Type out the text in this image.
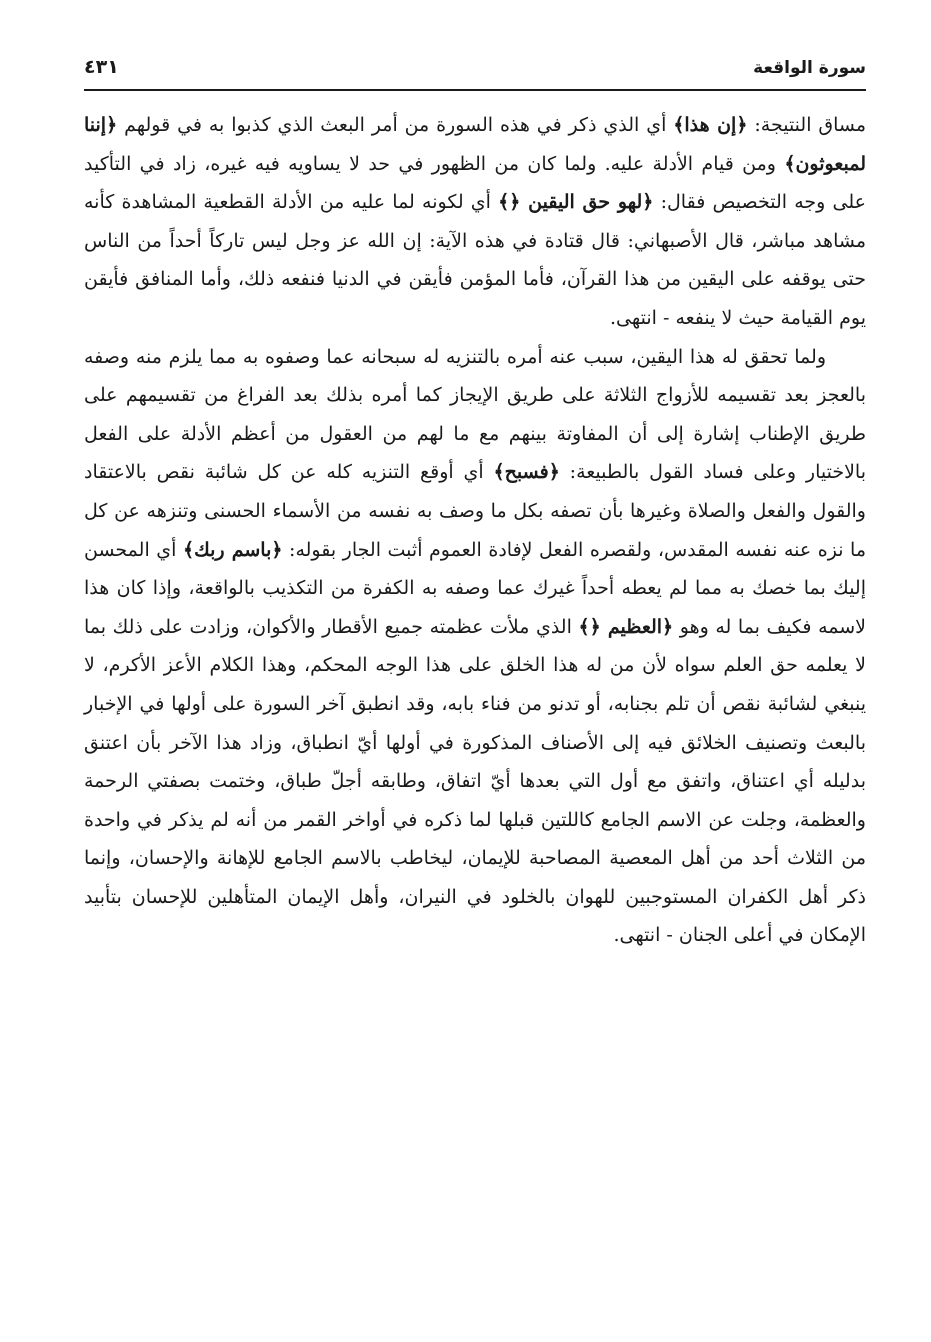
سورة الواقعة
٤٣١

مساق النتيجة: ﴿إن هذا﴾ أي الذي ذكر في هذه السورة من أمر البعث الذي كذبوا به في قولهم ﴿إننا لمبعوثون﴾ ومن قيام الأدلة عليه. ولما كان من الظهور في حد لا يساويه فيه غيره، زاد في التأكيد على وجه التخصيص فقال: ﴿لهو حق اليقين ﴿﴾ أي لكونه لما عليه من الأدلة القطعية المشاهدة كأنه مشاهد مباشر، قال الأصبهاني: قال قتادة في هذه الآية: إن الله عز وجل ليس تاركاً أحداً من الناس حتى يوقفه على اليقين من هذا القرآن، فأما المؤمن فأيقن في الدنيا فنفعه ذلك، وأما المنافق فأيقن يوم القيامة حيث لا ينفعه - انتهى.

ولما تحقق له هذا اليقين، سبب عنه أمره بالتنزيه له سبحانه عما وصفوه به مما يلزم منه وصفه بالعجز بعد تقسيمه للأزواج الثلاثة على طريق الإيجاز كما أمره بذلك بعد الفراغ من تقسيمهم على طريق الإطناب إشارة إلى أن المفاوتة بينهم مع ما لهم من العقول من أعظم الأدلة على الفعل بالاختيار وعلى فساد القول بالطبيعة: ﴿فسبح﴾ أي أوقع التنزيه كله عن كل شائبة نقص بالاعتقاد والقول والفعل والصلاة وغيرها بأن تصفه بكل ما وصف به نفسه من الأسماء الحسنى وتنزهه عن كل ما نزه عنه نفسه المقدس، ولقصره الفعل لإفادة العموم أثبت الجار بقوله: ﴿باسم ربك﴾ أي المحسن إليك بما خصك به مما لم يعطه أحداً غيرك عما وصفه به الكفرة من التكذيب بالواقعة، وإذا كان هذا لاسمه فكيف بما له وهو ﴿العظيم ﴿﴾ الذي ملأت عظمته جميع الأقطار والأكوان، وزادت على ذلك بما لا يعلمه حق العلم سواه لأن من له هذا الخلق على هذا الوجه المحكم، وهذا الكلام الأعز الأكرم، لا ينبغي لشائبة نقص أن تلم بجنابه، أو تدنو من فناء بابه، وقد انطبق آخر السورة على أولها في الإخبار بالبعث وتصنيف الخلائق فيه إلى الأصناف المذكورة في أولها أيّ انطباق، وزاد هذا الآخر بأن اعتنق بدليله أي اعتناق، واتفق مع أول التي بعدها أيّ اتفاق، وطابقه أجلّ طباق، وختمت بصفتي الرحمة والعظمة، وجلت عن الاسم الجامع كاللتين قبلها لما ذكره في أواخر القمر من أنه لم يذكر في واحدة من الثلاث أحد من أهل المعصية المصاحبة للإيمان، ليخاطب بالاسم الجامع للإهانة والإحسان، وإنما ذكر أهل الكفران المستوجبين للهوان بالخلود في النيران، وأهل الإيمان المتأهلين للإحسان بتأبيد الإمكان في أعلى الجنان - انتهى.
